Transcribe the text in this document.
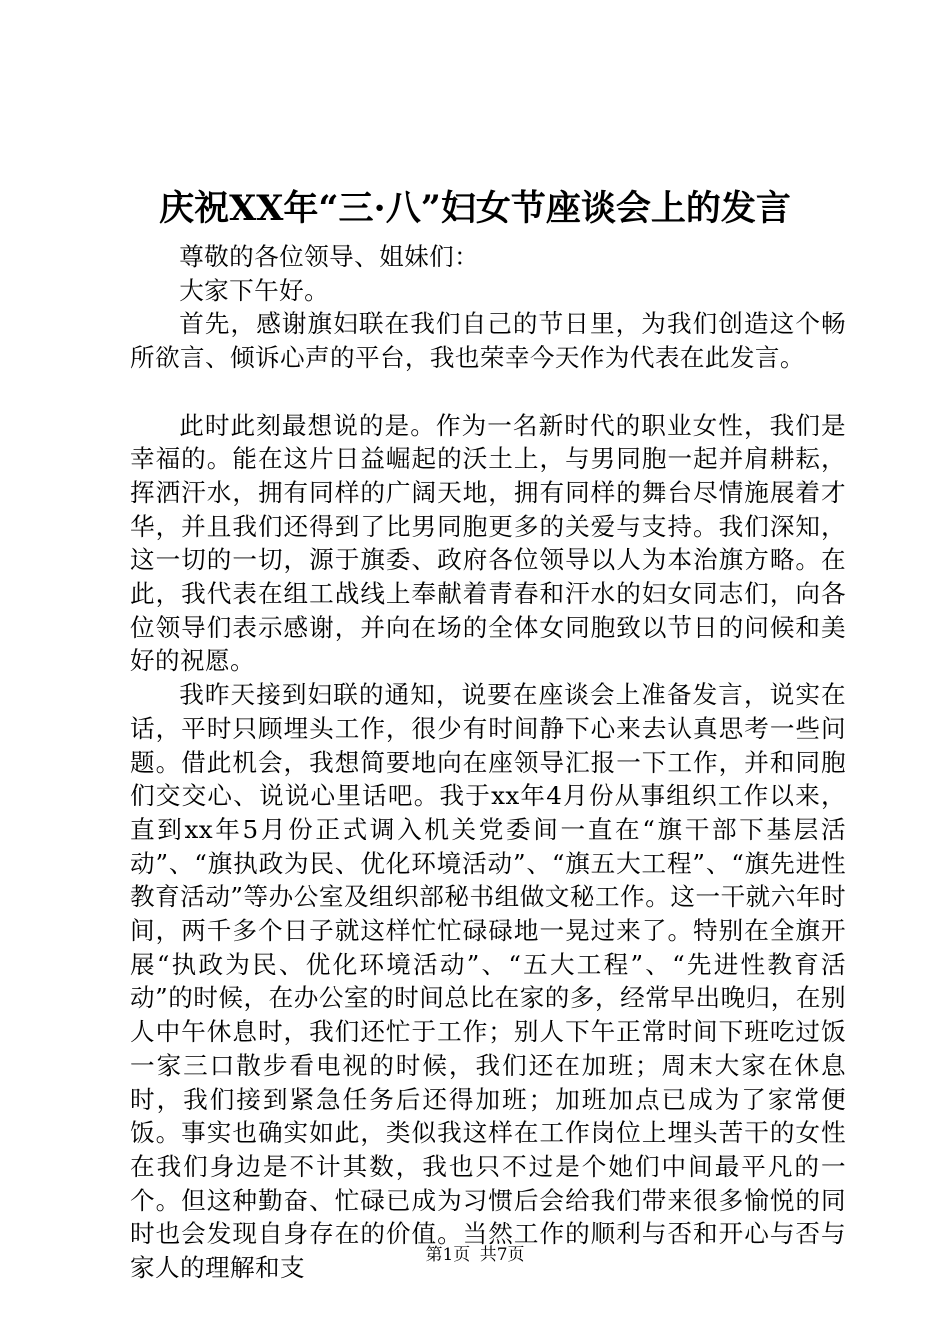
庆祝XX年“三·八”妇女节座谈会上的发言

尊敬的各位领导、姐妹们：

大家下午好。

首先，感谢旗妇联在我们自己的节日里，为我们创造这个畅所欲言、倾诉心声的平台，我也荣幸今天作为代表在此发言。

此时此刻最想说的是。作为一名新时代的职业女性，我们是幸福的。能在这片日益崛起的沃土上，与男同胞一起并肩耕耘，挥洒汗水，拥有同样的广阔天地，拥有同样的舞台尽情施展着才华，并且我们还得到了比男同胞更多的关爱与支持。我们深知，这一切的一切，源于旗委、政府各位领导以人为本治旗方略。在此，我代表在组工战线上奉献着青春和汗水的妇女同志们，向各位领导们表示感谢，并向在场的全体女同胞致以节日的问候和美好的祝愿。

我昨天接到妇联的通知，说要在座谈会上准备发言，说实在话，平时只顾埋头工作，很少有时间静下心来去认真思考一些问题。借此机会，我想简要地向在座领导汇报一下工作，并和同胞们交交心、说说心里话吧。我于xx年4月份从事组织工作以来，直到xx年5月份正式调入机关党委间一直在“旗干部下基层活动”、“旗执政为民、优化环境活动”、“旗五大工程”、“旗先进性教育活动”等办公室及组织部秘书组做文秘工作。这一干就六年时间，两千多个日子就这样忙忙碌碌地一晃过来了。特别在全旗开展“执政为民、优化环境活动”、“五大工程”、“先进性教育活动”的时候，在办公室的时间总比在家的多，经常早出晚归，在别人中午休息时，我们还忙于工作；别人下午正常时间下班吃过饭一家三口散步看电视的时候，我们还在加班；周末大家在休息时，我们接到紧急任务后还得加班；加班加点已成为了家常便饭。事实也确实如此，类似我这样在工作岗位上埋头苦干的女性在我们身边是不计其数，我也只不过是个她们中间最平凡的一个。但这种勤奋、忙碌已成为习惯后会给我们带来很多愉悦的同时也会发现自身存在的价值。当然工作的顺利与否和开心与否与家人的理解和支	第1页 共7页
